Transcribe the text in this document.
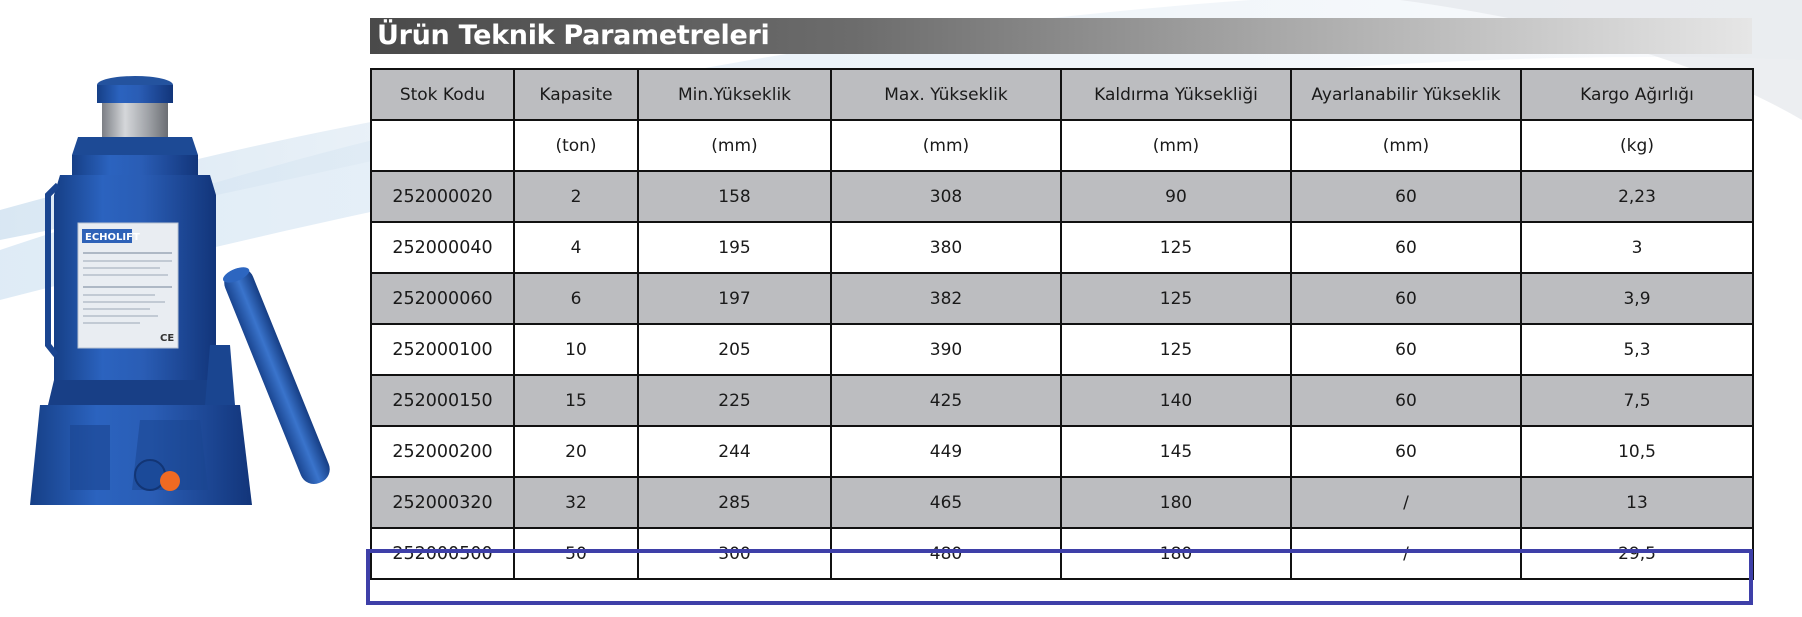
ECHOLIFT
CE
Ürün Teknik Parametreleri
Stok Kodu	Kapasite	Min.Yükseklik	Max. Yükseklik	Kaldırma Yüksekliği	Ayarlanabilir Yükseklik	Kargo Ağırlığı
	(ton)	(mm)	(mm)	(mm)	(mm)	(kg)
252000020	2	158	308	90	60	2,23
252000040	4	195	380	125	60	3
252000060	6	197	382	125	60	3,9
252000100	10	205	390	125	60	5,3
252000150	15	225	425	140	60	7,5
252000200	20	244	449	145	60	10,5
252000320	32	285	465	180	/	13
252000500	50	300	480	180	/	29,5
